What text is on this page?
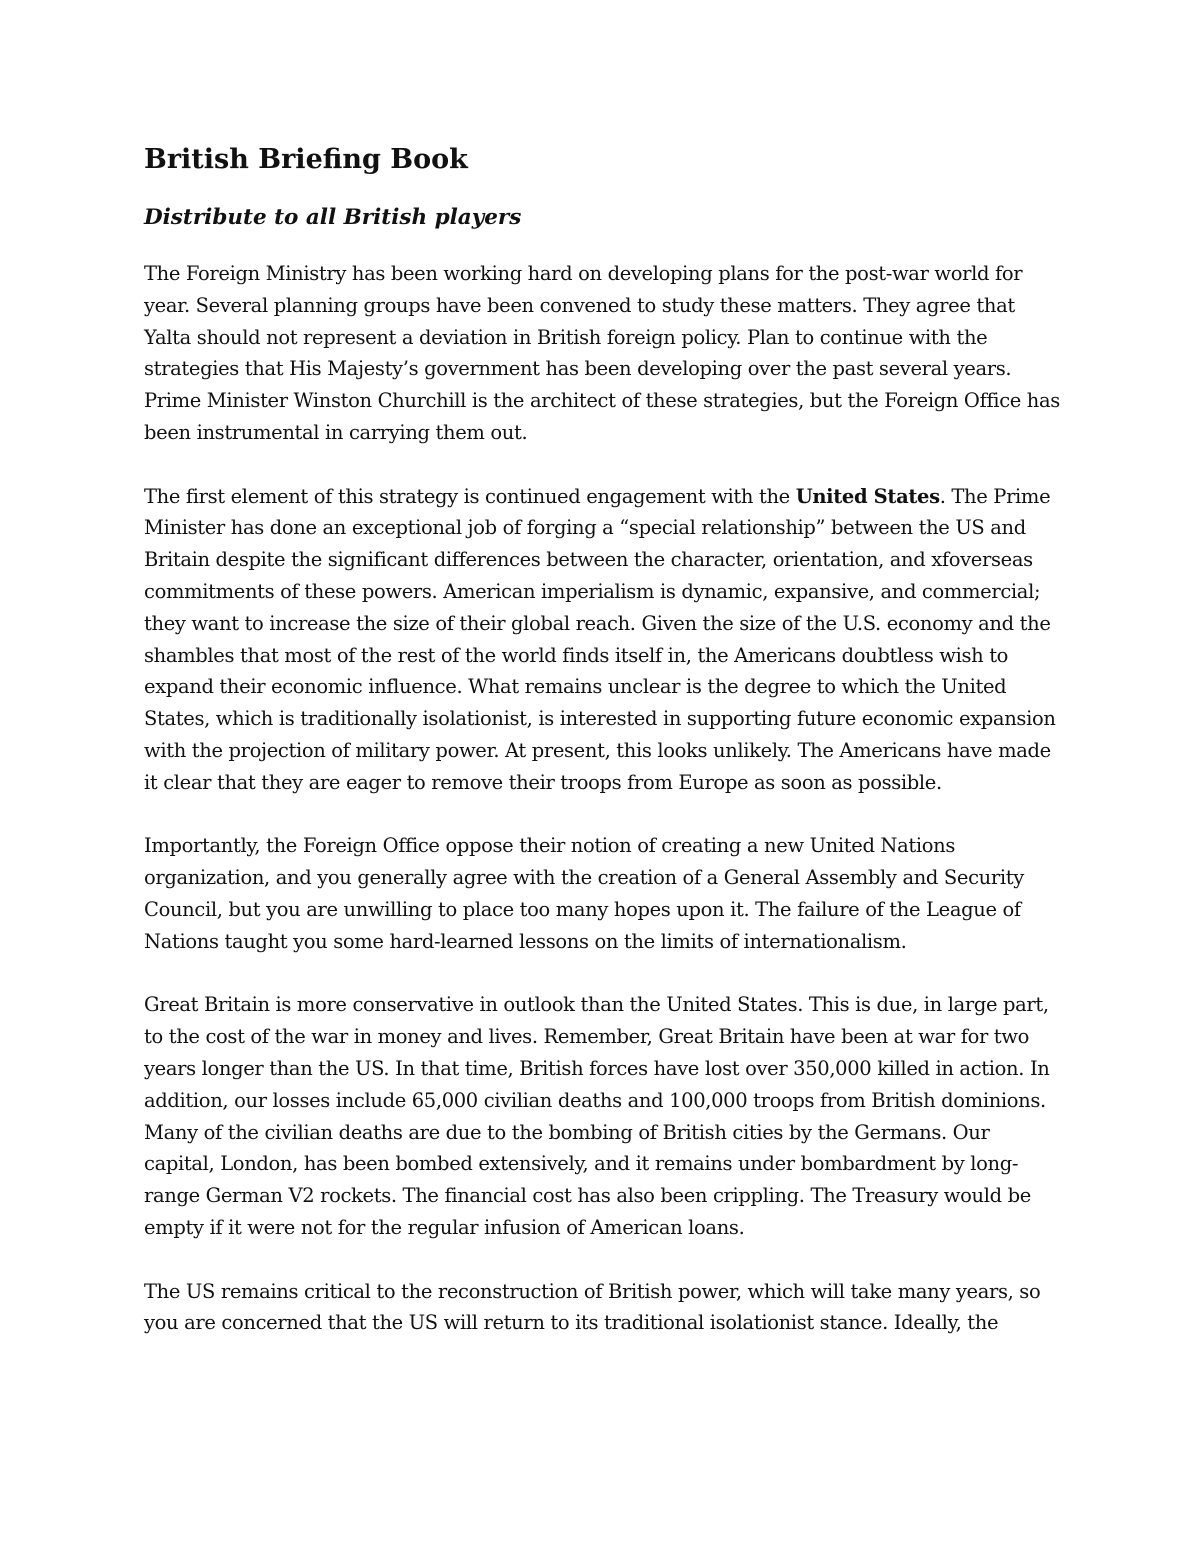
British Briefing Book
Distribute to all British players

The Foreign Ministry has been working hard on developing plans for the post-war world for year. Several planning groups have been convened to study these matters. They agree that Yalta should not represent a deviation in British foreign policy. Plan to continue with the strategies that His Majesty’s government has been developing over the past several years. Prime Minister Winston Churchill is the architect of these strategies, but the Foreign Office has been instrumental in carrying them out.

The first element of this strategy is continued engagement with the United States. The Prime Minister has done an exceptional job of forging a “special relationship” between the US and Britain despite the significant differences between the character, orientation, and xfoverseas commitments of these powers. American imperialism is dynamic, expansive, and commercial; they want to increase the size of their global reach. Given the size of the U.S. economy and the shambles that most of the rest of the world finds itself in, the Americans doubtless wish to expand their economic influence. What remains unclear is the degree to which the United States, which is traditionally isolationist, is interested in supporting future economic expansion with the projection of military power. At present, this looks unlikely. The Americans have made it clear that they are eager to remove their troops from Europe as soon as possible.

Importantly, the Foreign Office oppose their notion of creating a new United Nations organization, and you generally agree with the creation of a General Assembly and Security Council, but you are unwilling to place too many hopes upon it. The failure of the League of Nations taught you some hard-learned lessons on the limits of internationalism.

Great Britain is more conservative in outlook than the United States. This is due, in large part, to the cost of the war in money and lives. Remember, Great Britain have been at war for two years longer than the US. In that time, British forces have lost over 350,000 killed in action. In addition, our losses include 65,000 civilian deaths and 100,000 troops from British dominions. Many of the civilian deaths are due to the bombing of British cities by the Germans. Our capital, London, has been bombed extensively, and it remains under bombardment by long-range German V2 rockets. The financial cost has also been crippling. The Treasury would be empty if it were not for the regular infusion of American loans.

The US remains critical to the reconstruction of British power, which will take many years, so you are concerned that the US will return to its traditional isolationist stance. Ideally, the
